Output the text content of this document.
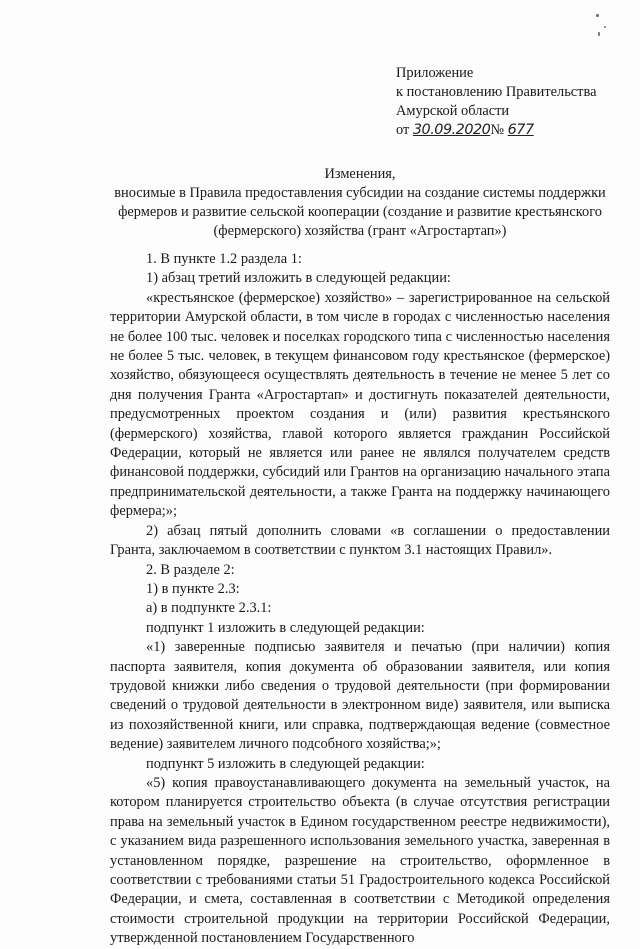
Приложение
к постановлению Правительства
Амурской области
от 30.09.2020№ 677
Изменения,
вносимые в Правила предоставления субсидии на создание системы поддержки
фермеров и развитие сельской кооперации (создание и развитие крестьянского
(фермерского) хозяйства (грант «Агростартап»)

1. В пункте 1.2 раздела 1:

1) абзац третий изложить в следующей редакции:

«крестьянское (фермерское) хозяйство» – зарегистрированное на сельской территории Амурской области, в том числе в городах с численностью населения не более 100 тыс. человек и поселках городского типа с численностью населения не более 5 тыс. человек, в текущем финансовом году крестьянское (фермерское) хозяйство, обязующееся осуществлять деятельность в течение не менее 5 лет со дня получения Гранта «Агростартап» и достигнуть показателей деятельности, предусмотренных проектом создания и (или) развития крестьянского (фермерского) хозяйства, главой которого является гражданин Российской Федерации, который не является или ранее не являлся получателем средств финансовой поддержки, субсидий или Грантов на организацию начального этапа предпринимательской деятельности, а также Гранта на поддержку начинающего фермера;»;

2) абзац пятый дополнить словами «в соглашении о предоставлении Гранта, заключаемом в соответствии с пунктом 3.1 настоящих Правил».

2. В разделе 2:

1) в пункте 2.3:

а) в подпункте 2.3.1:

подпункт 1 изложить в следующей редакции:

«1) заверенные подписью заявителя и печатью (при наличии) копия паспорта заявителя, копия документа об образовании заявителя, или копия трудовой книжки либо сведения о трудовой деятельности (при формировании сведений о трудовой деятельности в электронном виде) заявителя, или выписка из похозяйственной книги, или справка, подтверждающая ведение (совместное ведение) заявителем личного подсобного хозяйства;»;

подпункт 5 изложить в следующей редакции:

«5) копия правоустанавливающего документа на земельный участок, на котором планируется строительство объекта (в случае отсутствия регистрации права на земельный участок в Едином государственном реестре недвижимости), с указанием вида разрешенного использования земельного участка, заверенная в установленном порядке, разрешение на строительство, оформленное в соответствии с требованиями статьи 51 Градостроительного кодекса Российской Федерации, и смета, составленная в соответствии с Методикой определения стоимости строительной продукции на территории Российской Федерации, утвержденной постановлением Государственного
